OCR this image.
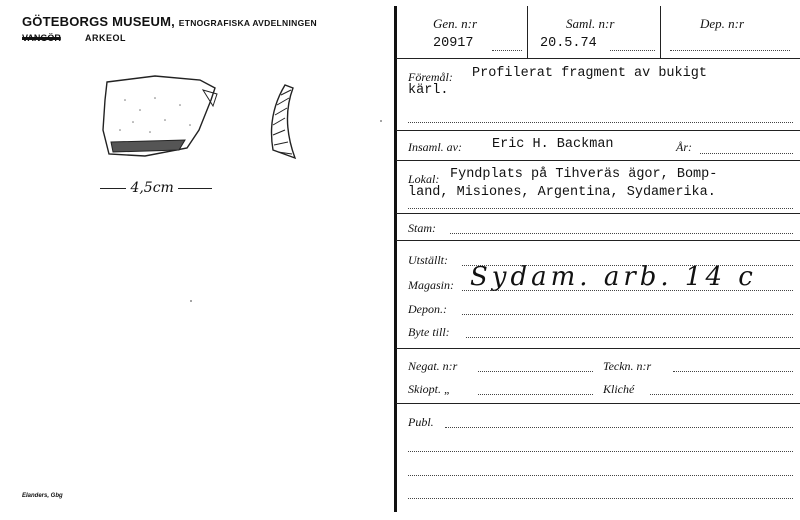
GÖTEBORGS MUSEUM, ETNOGRAFISKA AVDELNINGEN
VANGÖR	ARKEOL
4,5cm
Elanders, Gbg
Gen. n:r	Saml. n:r	Dep. n:r
20917	20.5.74
Föremål: Profilerat fragment av bukigt
kärl.
Insaml. av: Eric H. Backman	År:
Lokal: Fyndplats på Tihveräs ägor, Bomp-
land, Misiones, Argentina, Sydamerika.
Stam:
Utställt:
Magasin: Sydam. arb. 14 c
Depon.:
Byte till:
Negat. n:r	Teckn. n:r
Skiopt. „	Kliché
Publ.
